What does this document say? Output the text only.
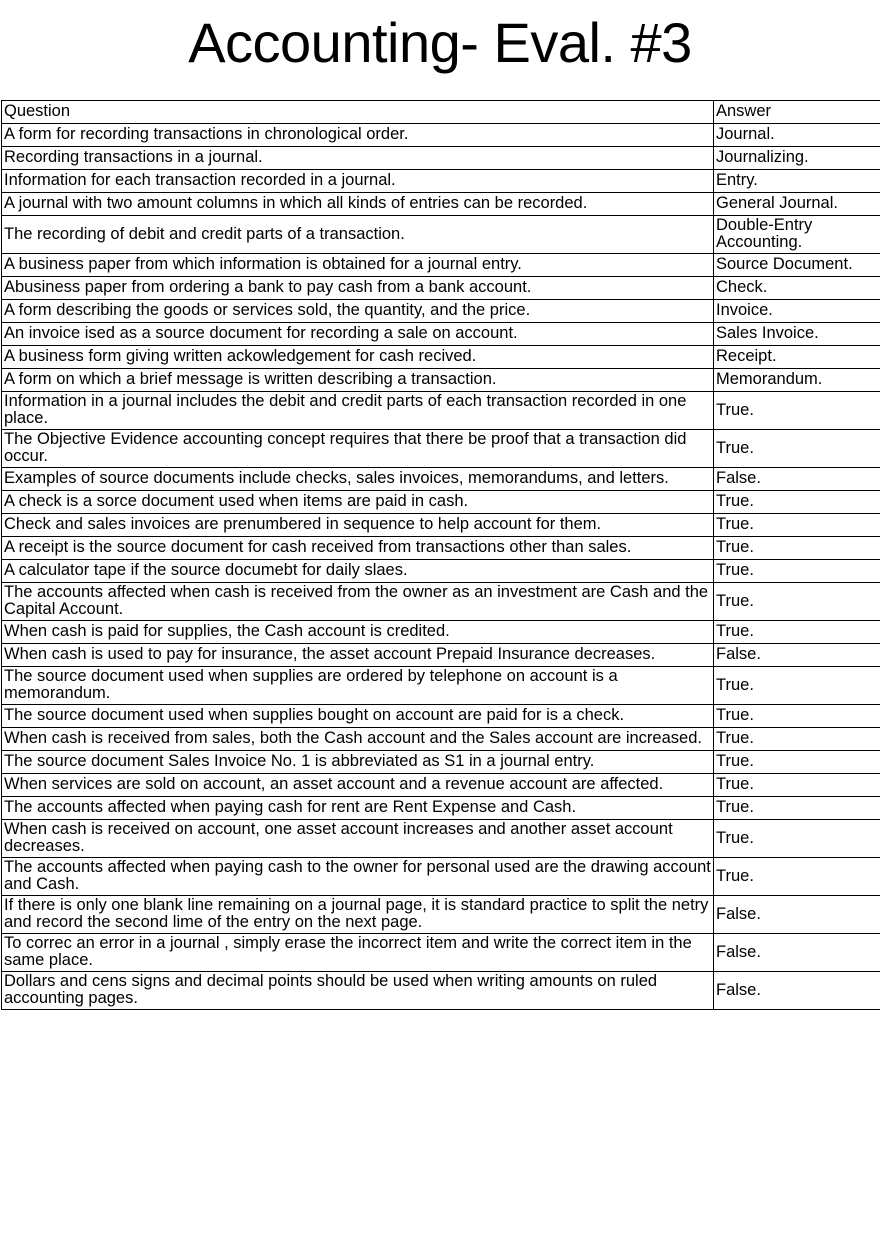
Accounting- Eval. #3
Question	Answer
A form for recording transactions in chronological order.	Journal.
Recording transactions in a journal.	Journalizing.
Information for each transaction recorded in a journal.	Entry.
A journal with two amount columns in which all kinds of entries can be recorded.	General Journal.
The recording of debit and credit parts of a transaction.	Double-Entry Accounting.
A business paper from which information is obtained for a journal entry.	Source Document.
Abusiness paper from ordering a bank to pay cash from a bank account.	Check.
A form describing the goods or services sold, the quantity, and the price.	Invoice.
An invoice ised as a source document for recording a sale on account.	Sales Invoice.
A business form giving written ackowledgement for cash recived.	Receipt.
A form on which a brief message is written describing a transaction.	Memorandum.
Information in a journal includes the debit and credit parts of each transaction recorded in one place.	True.
The Objective Evidence accounting concept requires that there be proof that a transaction did occur.	True.
Examples of source documents include checks, sales invoices, memorandums, and letters.	False.
A check is a sorce document used when items are paid in cash.	True.
Check and sales invoices are prenumbered in sequence to help account for them.	True.
A receipt is the source document for cash received from transactions other than sales.	True.
A calculator tape if the source documebt for daily slaes.	True.
The accounts affected when cash is received from the owner as an investment are Cash and the Capital Account.	True.
When cash is paid for supplies, the Cash account is credited.	True.
When cash is used to pay for insurance, the asset account Prepaid Insurance decreases.	False.
The source document used when supplies are ordered by telephone on account is a memorandum.	True.
The source document used when supplies bought on account are paid for is a check.	True.
When cash is received from sales, both the Cash account and the Sales account are increased.	True.
The source document Sales Invoice No. 1 is abbreviated as S1 in a journal entry.	True.
When services are sold on account, an asset account and a revenue account are affected.	True.
The accounts affected when paying cash for rent are Rent Expense and Cash.	True.
When cash is received on account, one asset account increases and another asset account decreases.	True.
The accounts affected when paying cash to the owner for personal used are the drawing account and Cash.	True.
If there is only one blank line remaining on a journal page, it is standard practice to split the netry and record the second lime of the entry on the next page.	False.
To correc an error in a journal , simply erase the incorrect item and write the correct item in the same place.	False.
Dollars and cens signs and decimal points should be used when writing amounts on ruled accounting pages.	False.
